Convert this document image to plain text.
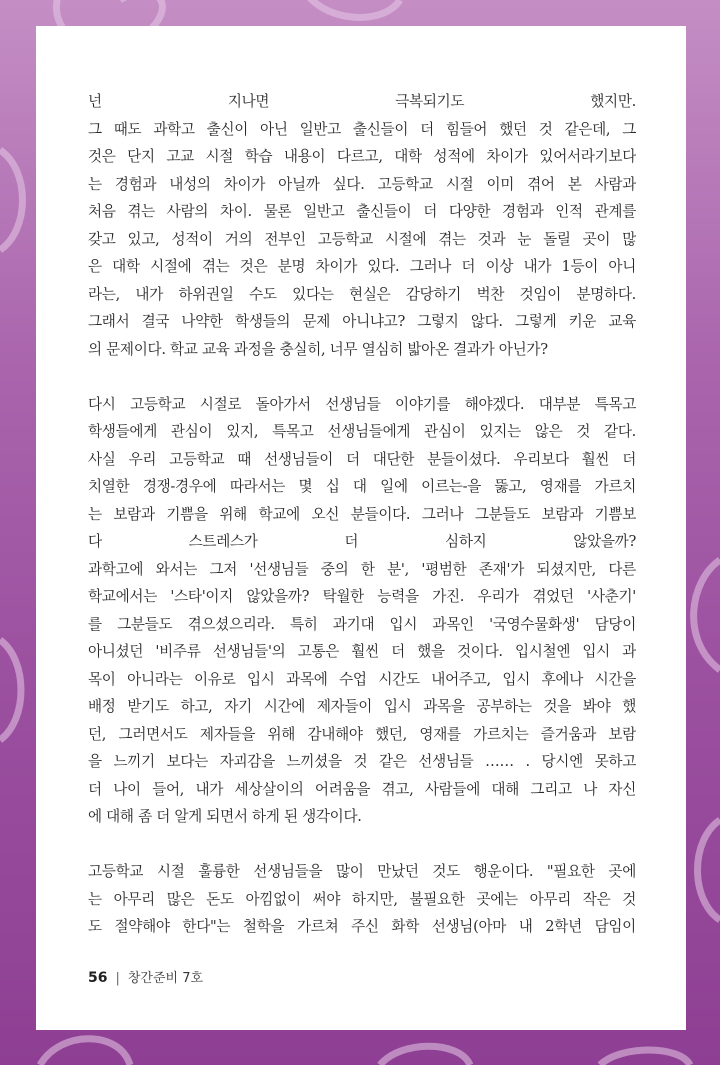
넌 지나면 극복되기도 했지만.
그 때도 과학고 출신이 아닌 일반고 출신들이 더 힘들어 했던 것 같은데, 그
것은 단지 고교 시절 학습 내용이 다르고, 대학 성적에 차이가 있어서라기보다
는 경험과 내성의 차이가 아닐까 싶다. 고등학교 시절 이미 겪어 본 사람과
처음 겪는 사람의 차이. 물론 일반고 출신들이 더 다양한 경험과 인적 관계를
갖고 있고, 성적이 거의 전부인 고등학교 시절에 겪는 것과 눈 돌릴 곳이 많
은 대학 시절에 겪는 것은 분명 차이가 있다. 그러나 더 이상 내가 1등이 아니
라는, 내가 하위권일 수도 있다는 현실은 감당하기 벅찬 것임이 분명하다.
그래서 결국 나약한 학생들의 문제 아니냐고? 그렇지 않다. 그렇게 키운 교육
의 문제이다. 학교 교육 과정을 충실히, 너무 열심히 밟아온 결과가 아닌가?
다시 고등학교 시절로 돌아가서 선생님들 이야기를 해야겠다. 대부분 특목고
학생들에게 관심이 있지, 특목고 선생님들에게 관심이 있지는 않은 것 같다.
사실 우리 고등학교 때 선생님들이 더 대단한 분들이셨다. 우리보다 훨씬 더
치열한 경쟁-경우에 따라서는 몇 십 대 일에 이르는-을 뚫고, 영재를 가르치
는 보람과 기쁨을 위해 학교에 오신 분들이다. 그러나 그분들도 보람과 기쁨보
다 스트레스가 더 심하지 않았을까?
과학고에 와서는 그저 '선생님들 중의 한 분', '평범한 존재'가 되셨지만, 다른
학교에서는 '스타'이지 않았을까? 탁월한 능력을 가진. 우리가 겪었던 '사춘기'
를 그분들도 겪으셨으리라. 특히 과기대 입시 과목인 '국영수물화생' 담당이
아니셨던 '비주류 선생님들'의 고통은 훨씬 더 했을 것이다. 입시철엔 입시 과
목이 아니라는 이유로 입시 과목에 수업 시간도 내어주고, 입시 후에나 시간을
배정 받기도 하고, 자기 시간에 제자들이 입시 과목을 공부하는 것을 봐야 했
던, 그러면서도 제자들을 위해 감내해야 했던, 영재를 가르치는 즐거움과 보람
을 느끼기 보다는 자괴감을 느끼셨을 것 같은 선생님들 …… . 당시엔 못하고
더 나이 들어, 내가 세상살이의 어려움을 겪고, 사람들에 대해 그리고 나 자신
에 대해 좀 더 알게 되면서 하게 된 생각이다.
고등학교 시절 훌륭한 선생님들을 많이 만났던 것도 행운이다. "필요한 곳에
는 아무리 많은 돈도 아낌없이 써야 하지만, 불필요한 곳에는 아무리 작은 것
도 절약해야 한다"는 철학을 가르쳐 주신 화학 선생님(아마 내 2학년 담임이
56 | 창간준비 7호
